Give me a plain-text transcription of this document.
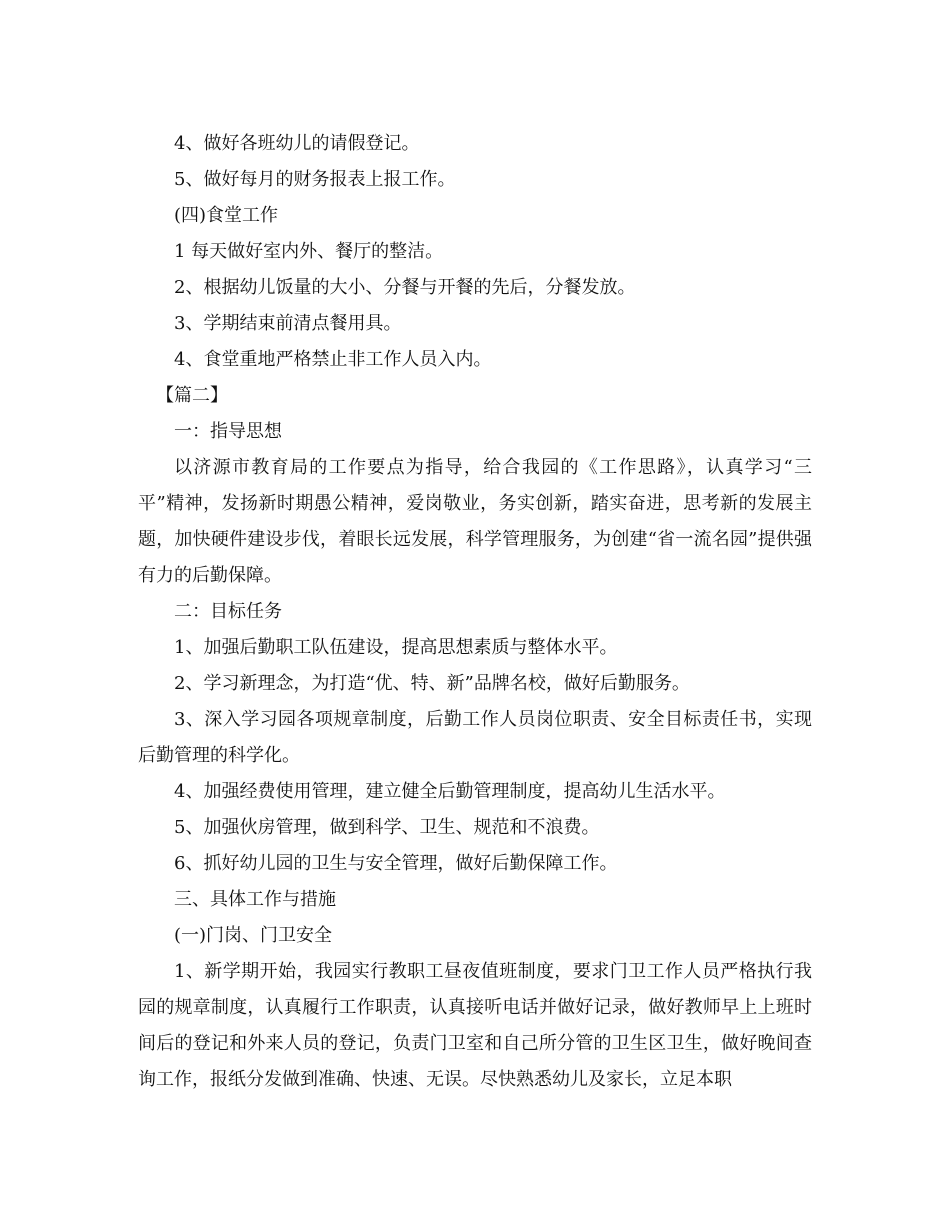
4、做好各班幼儿的请假登记。

5、做好每月的财务报表上报工作。

(四)食堂工作

1 每天做好室内外、餐厅的整洁。

2、根据幼儿饭量的大小、分餐与开餐的先后，分餐发放。

3、学期结束前清点餐用具。

4、食堂重地严格禁止非工作人员入内。

【篇二】

一：指导思想

以济源市教育局的工作要点为指导，给合我园的《工作思路》，认真学习“三平”精神，发扬新时期愚公精神，爱岗敬业，务实创新，踏实奋进，思考新的发展主题，加快硬件建设步伐，着眼长远发展，科学管理服务，为创建“省一流名园”提供强有力的后勤保障。

二：目标任务

1、加强后勤职工队伍建设，提高思想素质与整体水平。

2、学习新理念，为打造“优、特、新”品牌名校，做好后勤服务。

3、深入学习园各项规章制度，后勤工作人员岗位职责、安全目标责任书，实现后勤管理的科学化。

4、加强经费使用管理，建立健全后勤管理制度，提高幼儿生活水平。

5、加强伙房管理，做到科学、卫生、规范和不浪费。

6、抓好幼儿园的卫生与安全管理，做好后勤保障工作。

三、具体工作与措施

(一)门岗、门卫安全

1、新学期开始，我园实行教职工昼夜值班制度，要求门卫工作人员严格执行我园的规章制度，认真履行工作职责，认真接听电话并做好记录，做好教师早上上班时间后的登记和外来人员的登记，负责门卫室和自己所分管的卫生区卫生，做好晚间查询工作，报纸分发做到准确、快速、无误。尽快熟悉幼儿及家长，立足本职
